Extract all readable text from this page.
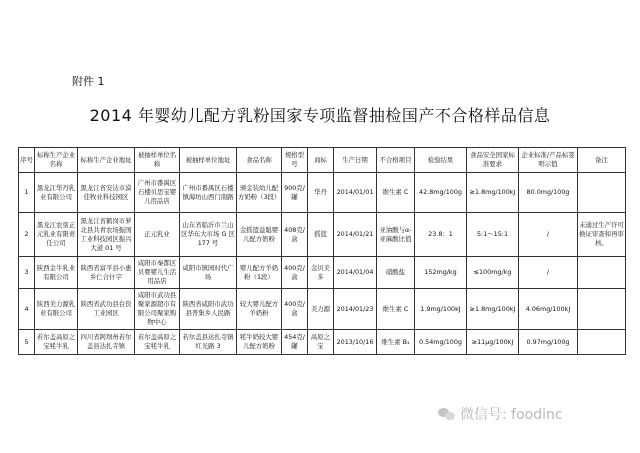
附件 1
2014 年婴幼儿配方乳粉国家专项监督抽检国产不合格样品信息
序号	标称生产企业名称	标称生产企业地址	被抽样单位名称	被抽样单位地址	食品名称	规格型号	商标	生产日期	不合格项目	检验结果	食品安全国家标准要求	企业标准/产品标签明示值	备注
1	黑龙江华丹乳业有限公司	黑龙江省安达市漠佳牧业科技园区	广州市番禺区石楼贝思宝婴儿用品店	广州市番禺区石楼镇海坊山西门南路	颁金装幼儿配方奶粉（3段）	900克/罐	华丹	2014/01/01	维生素 C	42.8mg/100g	≥1.8mg/100kJ	80.0mg/100g	
2	黑龙江农垦正元乳业有限责任公司	黑龙江省鹤岗市萝北县共青农场振国工业科技园区振兴大道 01 号	正元乳业	山东省临沂市兰山区华东大市场 G 区 177 号	金摇篮益聪婴儿配方奶粉	408克/盒	摇篮	2014/01/21	亚油酸与α-亚麻酸比值	23.8：1	5:1～15:1	/	未通过生产许可换证审查和再审核。
3	陕西金牛乳业有限公司	陕西省富平县小惠乡仁合什字	咸阳市秦都区贝婴婴儿生活用品店	咸阳市镇园时代广场	婴儿配方羊奶粉（1段）	400克/盒	金贝美多	2014/01/04	硝酸盐	152mg/kg	≤100mg/kg	/	
4	陕西美力源乳业有限公司	陕西省武功县台资工业园区	咸阳市武功县聚家源超市有限公司聚家购物中心	陕西省咸阳市武功县普集乡人民路	较大婴儿配方羊奶粉	400克/盒	美力源	2014/01/23	维生素 C	1.9mg/100kJ	≥1.8mg/100kJ	4.06mg/100kJ	
5	若尔盖高原之宝牦牛乳	四川省阿坝州若尔盖县达扎寺镇	若尔盖高原之宝牦牛乳	若尔盖县达扎寺镇红光路 3	牦牛奶较大婴儿配方奶粉	454克/罐	高原之宝	2013/10/16	维生素 B₁	0.54mg/100g	≥11μg/100kJ	0.97mg/100g	
微信号: foodinc
